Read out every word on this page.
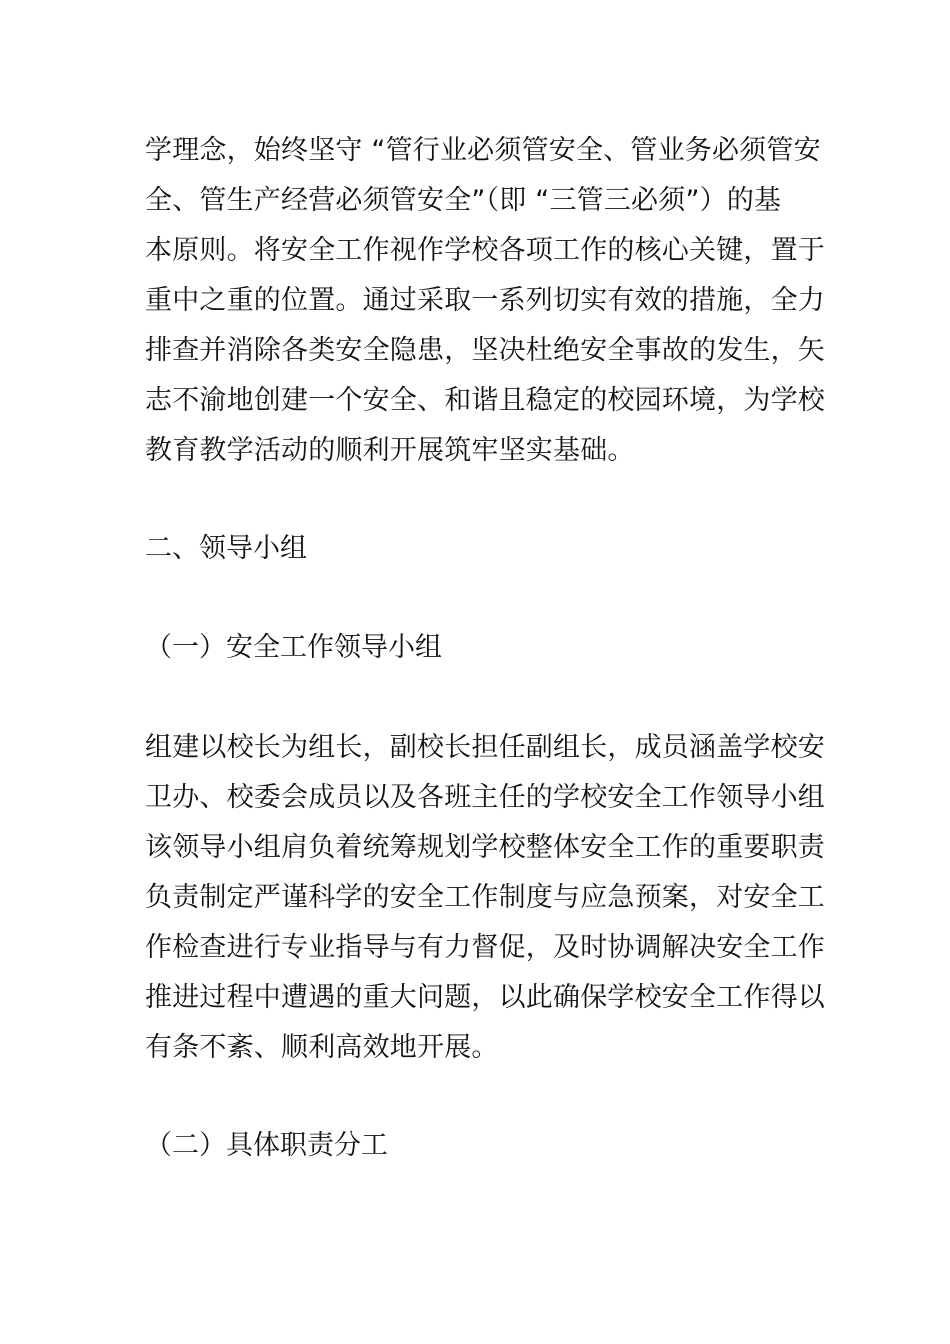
学理念，始终坚守 “管行业必须管安全、管业务必须管安
全、管生产经营必须管安全”（即 “三管三必须”）的基
本原则。将安全工作视作学校各项工作的核心关键，置于
重中之重的位置。通过采取一系列切实有效的措施，全力
排查并消除各类安全隐患，坚决杜绝安全事故的发生，矢
志不渝地创建一个安全、和谐且稳定的校园环境，为学校
教育教学活动的顺利开展筑牢坚实基础。
二、领导小组
（一）安全工作领导小组
组建以校长为组长，副校长担任副组长，成员涵盖学校安
卫办、校委会成员以及各班主任的学校安全工作领导小组
该领导小组肩负着统筹规划学校整体安全工作的重要职责
负责制定严谨科学的安全工作制度与应急预案，对安全工
作检查进行专业指导与有力督促，及时协调解决安全工作
推进过程中遭遇的重大问题，以此确保学校安全工作得以
有条不紊、顺利高效地开展。
（二）具体职责分工
